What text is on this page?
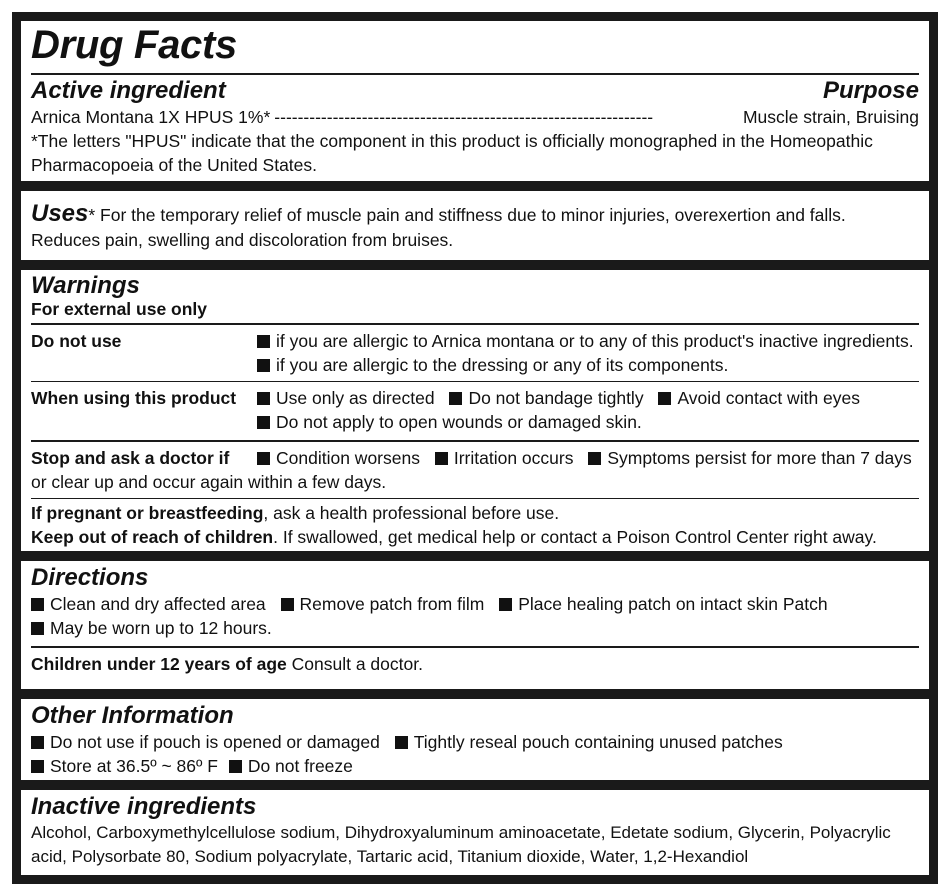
Drug Facts
Active ingredient	Purpose
Arnica Montana 1X HPUS 1%* -----------------------------------------------------------------	Muscle strain, Bruising
*The letters "HPUS" indicate that the component in this product is officially monographed in the Homeopathic Pharmacopoeia of the United States.
Uses* For the temporary relief of muscle pain and stiffness due to minor injuries, overexertion and falls. Reduces pain, swelling and discoloration from bruises.
Warnings
For external use only
Do not use	if you are allergic to Arnica montana or to any of this product's inactive ingredients.
if you are allergic to the dressing or any of its components.
When using this product	Use only as directed Do not bandage tightly Avoid contact with eyes
Do not apply to open wounds or damaged skin.
Stop and ask a doctor if	Condition worsens Irritation occurs Symptoms persist for more than 7 days or clear up and occur again within a few days.
If pregnant or breastfeeding, ask a health professional before use.
Keep out of reach of children. If swallowed, get medical help or contact a Poison Control Center right away.
Directions
Clean and dry affected area Remove patch from film Place healing patch on intact skin Patch
May be worn up to 12 hours.
Children under 12 years of age Consult a doctor.
Other Information
Do not use if pouch is opened or damaged Tightly reseal pouch containing unused patches
Store at 36.5º ~ 86º F Do not freeze
Inactive ingredients
Alcohol, Carboxymethylcellulose sodium, Dihydroxyaluminum aminoacetate, Edetate sodium, Glycerin, Polyacrylic acid, Polysorbate 80, Sodium polyacrylate, Tartaric acid, Titanium dioxide, Water, 1,2-Hexandiol
